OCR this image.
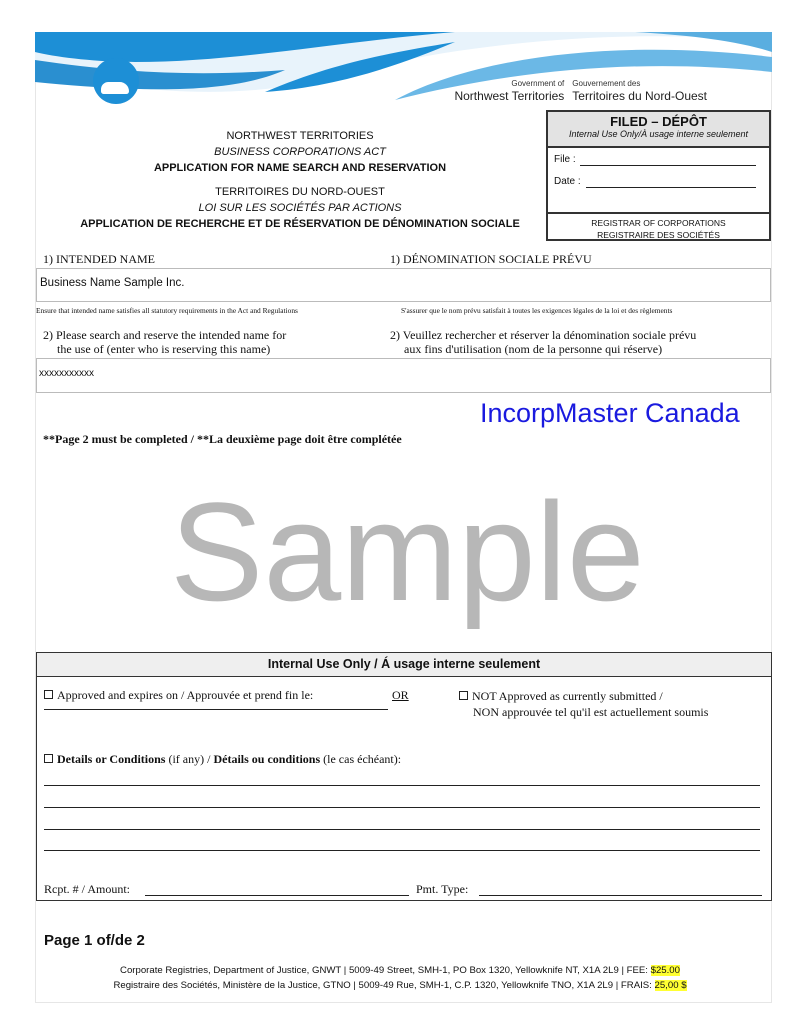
Government of
Northwest Territories
Gouvernement des
Territoires du Nord-Ouest
FILED – DÉPÔT
Internal Use Only/À usage interne seulement
File :
Date :
REGISTRAR OF CORPORATIONS
REGISTRAIRE DES SOCIÉTÉS
NORTHWEST TERRITORIES
BUSINESS CORPORATIONS ACT
APPLICATION FOR NAME SEARCH AND RESERVATION
TERRITOIRES DU NORD-OUEST
LOI SUR LES SOCIÉTÉS PAR ACTIONS
APPLICATION DE RECHERCHE ET DE RÉSERVATION DE DÉNOMINATION SOCIALE
1) INTENDED NAME	1) DÉNOMINATION SOCIALE PRÉVU
Business Name Sample Inc.
Ensure that intended name satisfies all statutory requirements in the Act and Regulations	S'assurer que le nom prévu satisfait à toutes les exigences légales de la loi et des règlements
2) Please search and reserve the intended name for
the use of (enter who is reserving this name)
2) Veuillez rechercher et réserver la dénomination sociale prévu
aux fins d'utilisation (nom de la personne qui réserve)
xxxxxxxxxxx
**Page 2 must be completed / **La deuxième page doit être complétée
Internal Use Only / Á usage interne seulement
Approved and expires on / Approuvée et prend fin le:	OR	NOT Approved as currently submitted /
NON approuvée tel qu'il est actuellement soumis
Details or Conditions (if any) / Détails ou conditions (le cas échéant):
Rcpt. # / Amount:	Pmt. Type:
Page 1 of/de 2
Corporate Registries, Department of Justice, GNWT | 5009-49 Street, SMH-1, PO Box 1320, Yellowknife NT, X1A 2L9 | FEE: $25.00
Registraire des Sociétés, Ministère de la Justice, GTNO | 5009-49 Rue, SMH-1, C.P. 1320, Yellowknife TNO, X1A 2L9 | FRAIS: 25,00 $
IncorpMaster Canada
Sample
